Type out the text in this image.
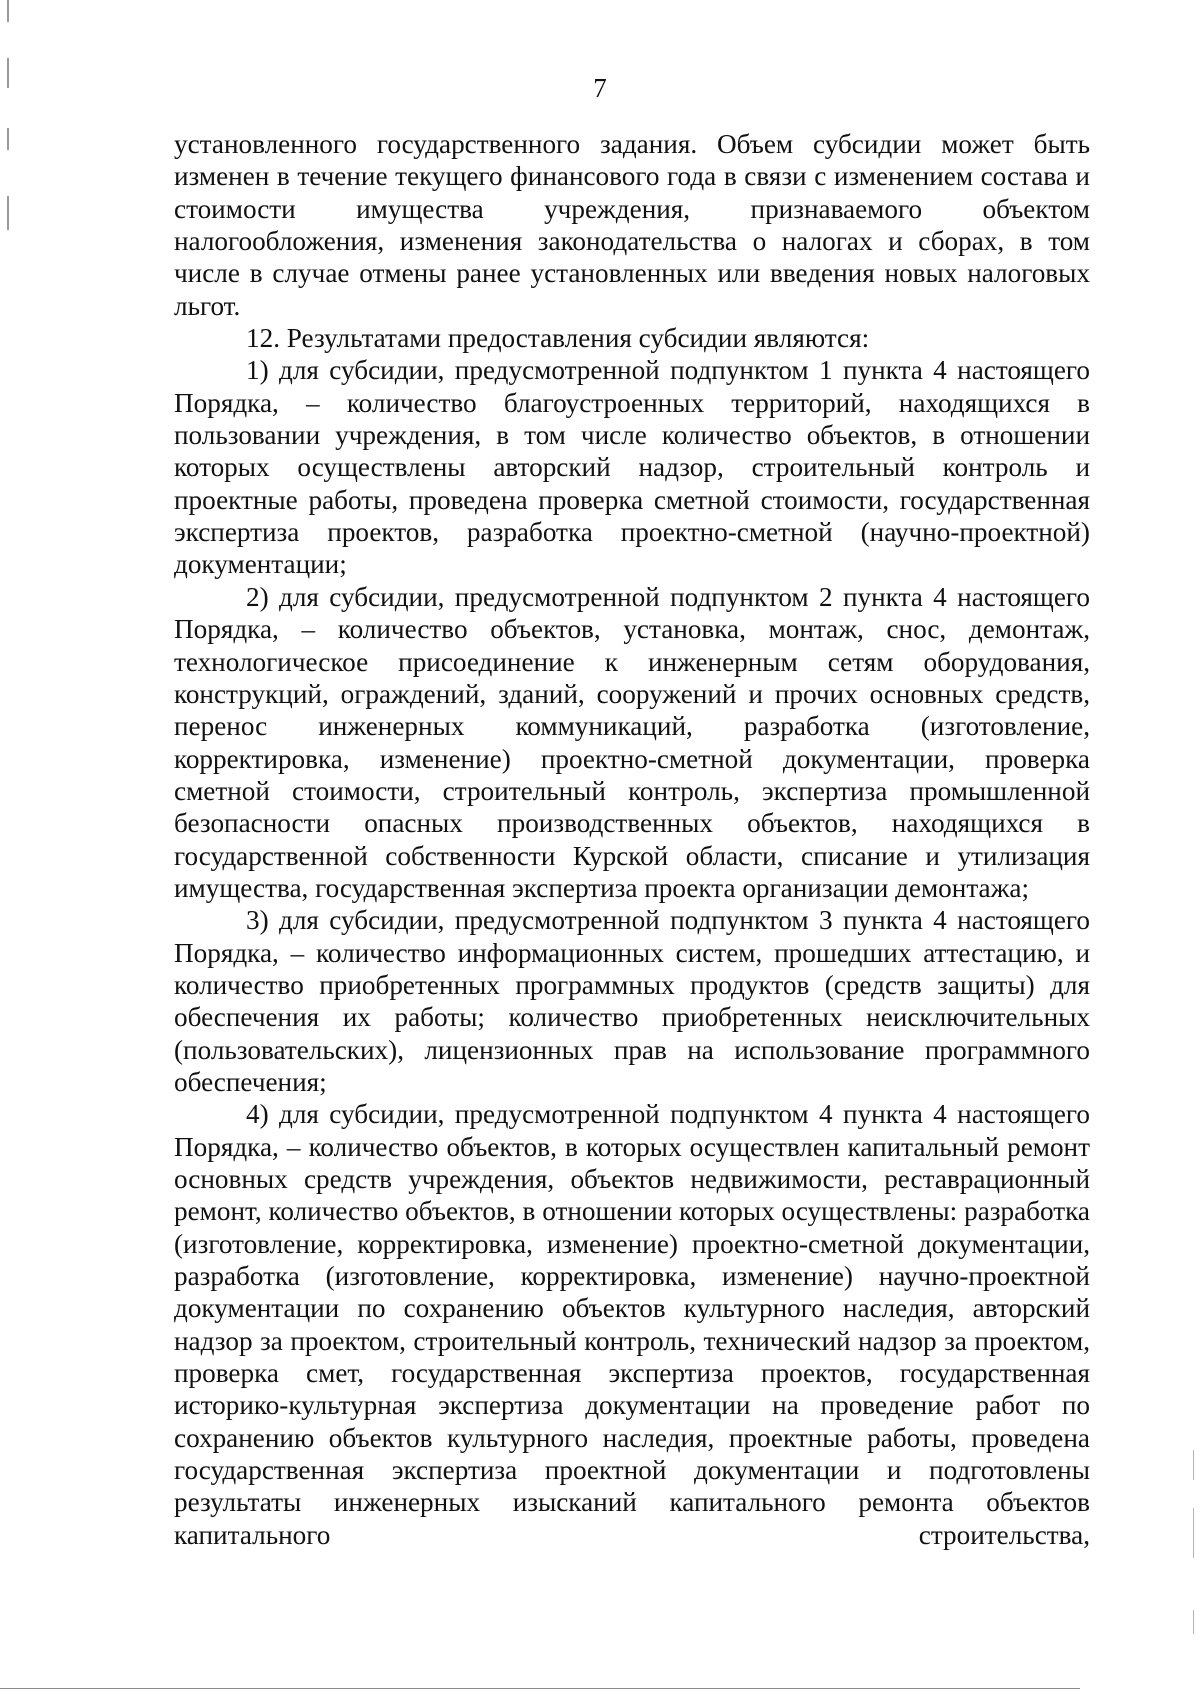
7

установленного государственного задания. Объем субсидии может быть изменен в течение текущего финансового года в связи с изменением состава и стоимости имущества учреждения, признаваемого объектом налогообложения, изменения законодательства о налогах и сборах, в том числе в случае отмены ранее установленных или введения новых налоговых льгот.

12. Результатами предоставления субсидии являются:

1) для субсидии, предусмотренной подпунктом 1 пункта 4 настоящего Порядка, – количество благоустроенных территорий, находящихся в пользовании учреждения, в том числе количество объектов, в отношении которых осуществлены авторский надзор, строительный контроль и проектные работы, проведена проверка сметной стоимости, государственная экспертиза проектов, разработка проектно-сметной (научно-проектной) документации;

2) для субсидии, предусмотренной подпунктом 2 пункта 4 настоящего Порядка, – количество объектов, установка, монтаж, снос, демонтаж, технологическое присоединение к инженерным сетям оборудования, конструкций, ограждений, зданий, сооружений и прочих основных средств, перенос инженерных коммуникаций, разработка (изготовление, корректировка, изменение) проектно-сметной документации, проверка сметной стоимости, строительный контроль, экспертиза промышленной безопасности опасных производственных объектов, находящихся в государственной собственности Курской области, списание и утилизация имущества, государственная экспертиза проекта организации демонтажа;

3) для субсидии, предусмотренной подпунктом 3 пункта 4 настоящего Порядка, – количество информационных систем, прошедших аттестацию, и количество приобретенных программных продуктов (средств защиты) для обеспечения их работы; количество приобретенных неисключительных (пользовательских), лицензионных прав на использование программного обеспечения;

4) для субсидии, предусмотренной подпунктом 4 пункта 4 настоящего Порядка, – количество объектов, в которых осуществлен капитальный ремонт основных средств учреждения, объектов недвижимости, реставрационный ремонт, количество объектов, в отношении которых осуществлены: разработка (изготовление, корректировка, изменение) проектно-сметной документации, разработка (изготовление, корректировка, изменение) научно-проектной документации по сохранению объектов культурного наследия, авторский надзор за проектом, строительный контроль, технический надзор за проектом, проверка смет, государственная экспертиза проектов, государственная историко-культурная экспертиза документации на проведение работ по сохранению объектов культурного наследия, проектные работы, проведена государственная экспертиза проектной документации и подготовлены результаты инженерных изысканий капитального ремонта объектов капитального строительства,
